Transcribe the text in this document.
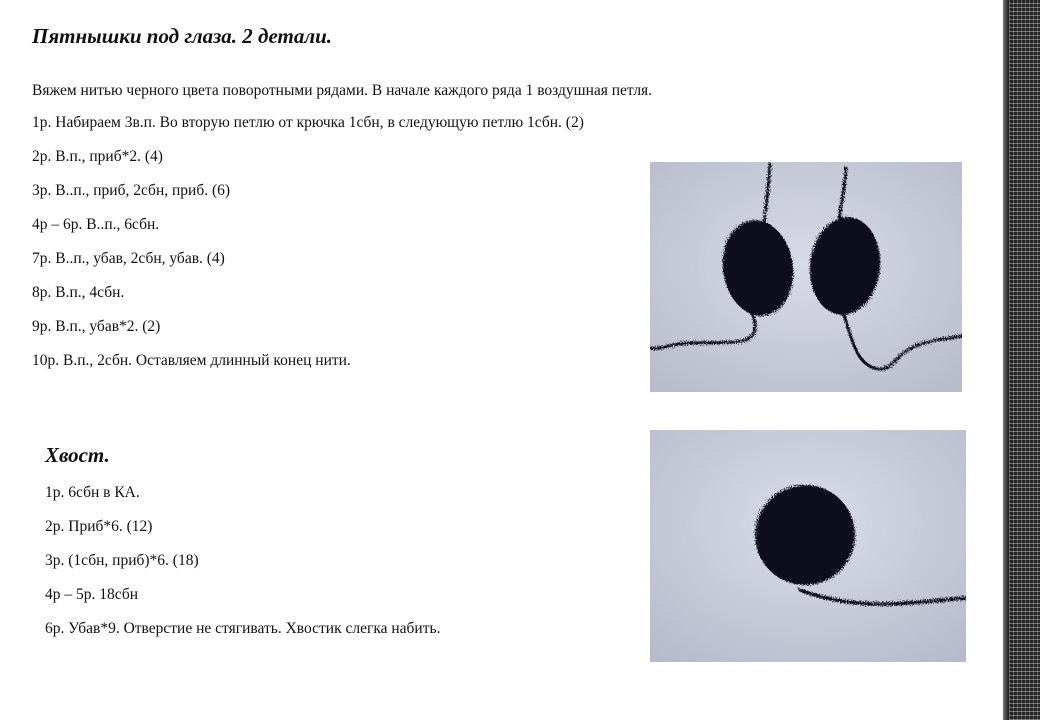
Пятнышки под глаза. 2 детали.

Вяжем нитью черного цвета поворотными рядами. В начале каждого ряда 1 воздушная петля.

1р. Набираем 3в.п. Во вторую петлю от крючка 1сбн, в следующую петлю 1сбн. (2)
2р. В.п., приб*2. (4)
3р. В..п., приб, 2сбн, приб. (6)
4р – 6р. В..п., 6сбн.
7р. В..п., убав, 2сбн, убав. (4)
8р. В.п., 4сбн.
9р. В.п., убав*2. (2)
10р. В.п., 2сбн. Оставляем длинный конец нити.
Хвост.
1р. 6сбн в КА.
2р. Приб*6. (12)
3р. (1сбн, приб)*6. (18)
4р – 5р. 18сбн
6р. Убав*9. Отверстие не стягивать. Хвостик слегка набить.
